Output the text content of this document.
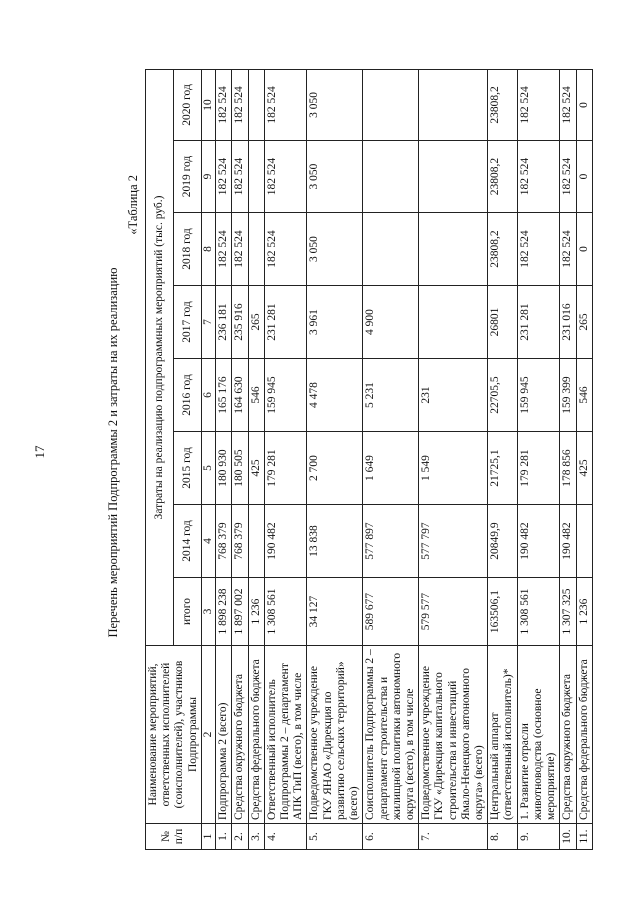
17	Перечень мероприятий Подпрограммы 2 и затраты на их реализацию
«Таблица 2
№ п/п	Наименование мероприятий, ответственных исполнителей (соисполнителей), участников Подпрограммы	Затраты на реализацию подпрограммных мероприятий (тыс. руб.)							
		итого	2014 год	2015 год	2016 год	2017 год	2018 год	2019 год	2020 год
1	2	3	4	5	6	7	8	9	10
1.	Подпрограмма 2 (всего)	1 898 238	768 379	180 930	165 176	236 181	182 524	182 524	182 524
2.	Средства окружного бюджета	1 897 002	768 379	180 505	164 630	235 916	182 524	182 524	182 524
3.	Средства федерального бюджета	1 236		425	546	265			
4.	Ответственный исполнитель Подпрограммы 2 – департамент АПК ТиП (всего), в том числе	1 308 561	190 482	179 281	159 945	231 281	182 524	182 524	182 524
5.	Подведомственное учреждение ГКУ ЯНАО «Дирекция по развитию сельских территорий» (всего)	34 127	13 838	2 700	4 478	3 961	3 050	3 050	3 050
6.	Соисполнитель Подпрограммы 2 – департамент строительства и жилищной политики автономного округа (всего), в том числе	589 677	577 897	1 649	5 231	4 900			
7.	Подведомственное учреждение ГКУ «Дирекция капитального строительства и инвестиций Ямало-Ненецкого автономного округа» (всего)	579 577	577 797	1 549	231				
8.	Центральный аппарат (ответственный исполнитель)*	163506,1	20849,9	21725,1	22705,5	26801	23808,2	23808,2	23808,2
9.	1. Развитие отрасли животноводства (основное мероприятие)	1 308 561	190 482	179 281	159 945	231 281	182 524	182 524	182 524
10.	Средства окружного бюджета	1 307 325	190 482	178 856	159 399	231 016	182 524	182 524	182 524
11.	Средства федерального бюджета	1 236		425	546	265	0	0	0
